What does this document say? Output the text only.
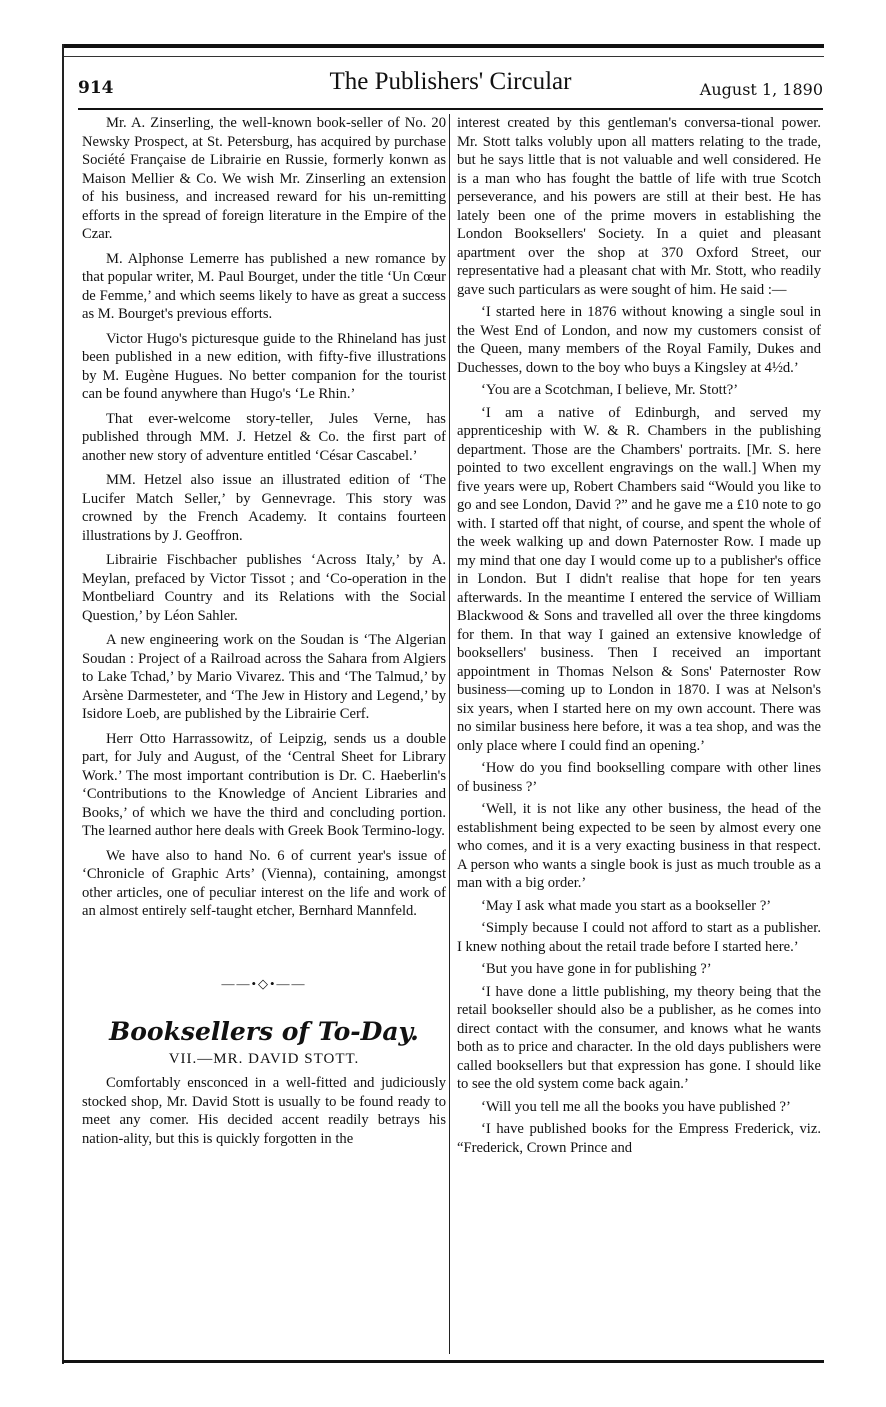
914	The Publishers' Circular	August 1, 1890

Mr. A. Zinserling, the well-known book-seller of No. 20 Newsky Prospect, at St. Petersburg, has acquired by purchase Société Française de Librairie en Russie, formerly konwn as Maison Mellier & Co. We wish Mr. Zinserling an extension of his business, and increased reward for his un-remitting efforts in the spread of foreign literature in the Empire of the Czar.

M. Alphonse Lemerre has published a new romance by that popular writer, M. Paul Bourget, under the title ‘Un Cœur de Femme,’ and which seems likely to have as great a success as M. Bourget's previous efforts.

Victor Hugo's picturesque guide to the Rhineland has just been published in a new edition, with fifty-five illustrations by M. Eugène Hugues. No better companion for the tourist can be found anywhere than Hugo's ‘Le Rhin.’

That ever-welcome story-teller, Jules Verne, has published through MM. J. Hetzel & Co. the first part of another new story of adventure entitled ‘César Cascabel.’

MM. Hetzel also issue an illustrated edition of ‘The Lucifer Match Seller,’ by Gennevrage. This story was crowned by the French Academy. It contains fourteen illustrations by J. Geoffron.

Librairie Fischbacher publishes ‘Across Italy,’ by A. Meylan, prefaced by Victor Tissot ; and ‘Co-operation in the Montbeliard Country and its Relations with the Social Question,’ by Léon Sahler.

A new engineering work on the Soudan is ‘The Algerian Soudan : Project of a Railroad across the Sahara from Algiers to Lake Tchad,’ by Mario Vivarez. This and ‘The Talmud,’ by Arsène Darmesteter, and ‘The Jew in History and Legend,’ by Isidore Loeb, are published by the Librairie Cerf.

Herr Otto Harrassowitz, of Leipzig, sends us a double part, for July and August, of the ‘Central Sheet for Library Work.’ The most important contribution is Dr. C. Haeberlin's ‘Contributions to the Knowledge of Ancient Libraries and Books,’ of which we have the third and concluding portion. The learned author here deals with Greek Book Termino-logy.

We have also to hand No. 6 of current year's issue of ‘Chronicle of Graphic Arts’ (Vienna), containing, amongst other articles, one of peculiar interest on the life and work of an almost entirely self-taught etcher, Bernhard Mannfeld.

——•◇•——
Booksellers of To-Day.
VII.—MR. DAVID STOTT.

Comfortably ensconced in a well-fitted and judiciously stocked shop, Mr. David Stott is usually to be found ready to meet any comer. His decided accent readily betrays his nation-ality, but this is quickly forgotten in the

interest created by this gentleman's conversa-tional power. Mr. Stott talks volubly upon all matters relating to the trade, but he says little that is not valuable and well considered. He is a man who has fought the battle of life with true Scotch perseverance, and his powers are still at their best. He has lately been one of the prime movers in establishing the London Booksellers' Society. In a quiet and pleasant apartment over the shop at 370 Oxford Street, our representative had a pleasant chat with Mr. Stott, who readily gave such particulars as were sought of him. He said :—

‘I started here in 1876 without knowing a single soul in the West End of London, and now my customers consist of the Queen, many members of the Royal Family, Dukes and Duchesses, down to the boy who buys a Kingsley at 4½d.’

‘You are a Scotchman, I believe, Mr. Stott?’

‘I am a native of Edinburgh, and served my apprenticeship with W. & R. Chambers in the publishing department. Those are the Chambers' portraits. [Mr. S. here pointed to two excellent engravings on the wall.] When my five years were up, Robert Chambers said “Would you like to go and see London, David ?” and he gave me a £10 note to go with. I started off that night, of course, and spent the whole of the week walking up and down Paternoster Row. I made up my mind that one day I would come up to a publisher's office in London. But I didn't realise that hope for ten years afterwards. In the meantime I entered the service of William Blackwood & Sons and travelled all over the three kingdoms for them. In that way I gained an extensive knowledge of booksellers' business. Then I received an important appointment in Thomas Nelson & Sons' Paternoster Row business—coming up to London in 1870. I was at Nelson's six years, when I started here on my own account. There was no similar business here before, it was a tea shop, and was the only place where I could find an opening.’

‘How do you find bookselling compare with other lines of business ?’

‘Well, it is not like any other business, the head of the establishment being expected to be seen by almost every one who comes, and it is a very exacting business in that respect. A person who wants a single book is just as much trouble as a man with a big order.’

‘May I ask what made you start as a bookseller ?’

‘Simply because I could not afford to start as a publisher. I knew nothing about the retail trade before I started here.’

‘But you have gone in for publishing ?’

‘I have done a little publishing, my theory being that the retail bookseller should also be a publisher, as he comes into direct contact with the consumer, and knows what he wants both as to price and character. In the old days publishers were called booksellers but that expression has gone. I should like to see the old system come back again.’

‘Will you tell me all the books you have published ?’

‘I have published books for the Empress Frederick, viz. “Frederick, Crown Prince and
